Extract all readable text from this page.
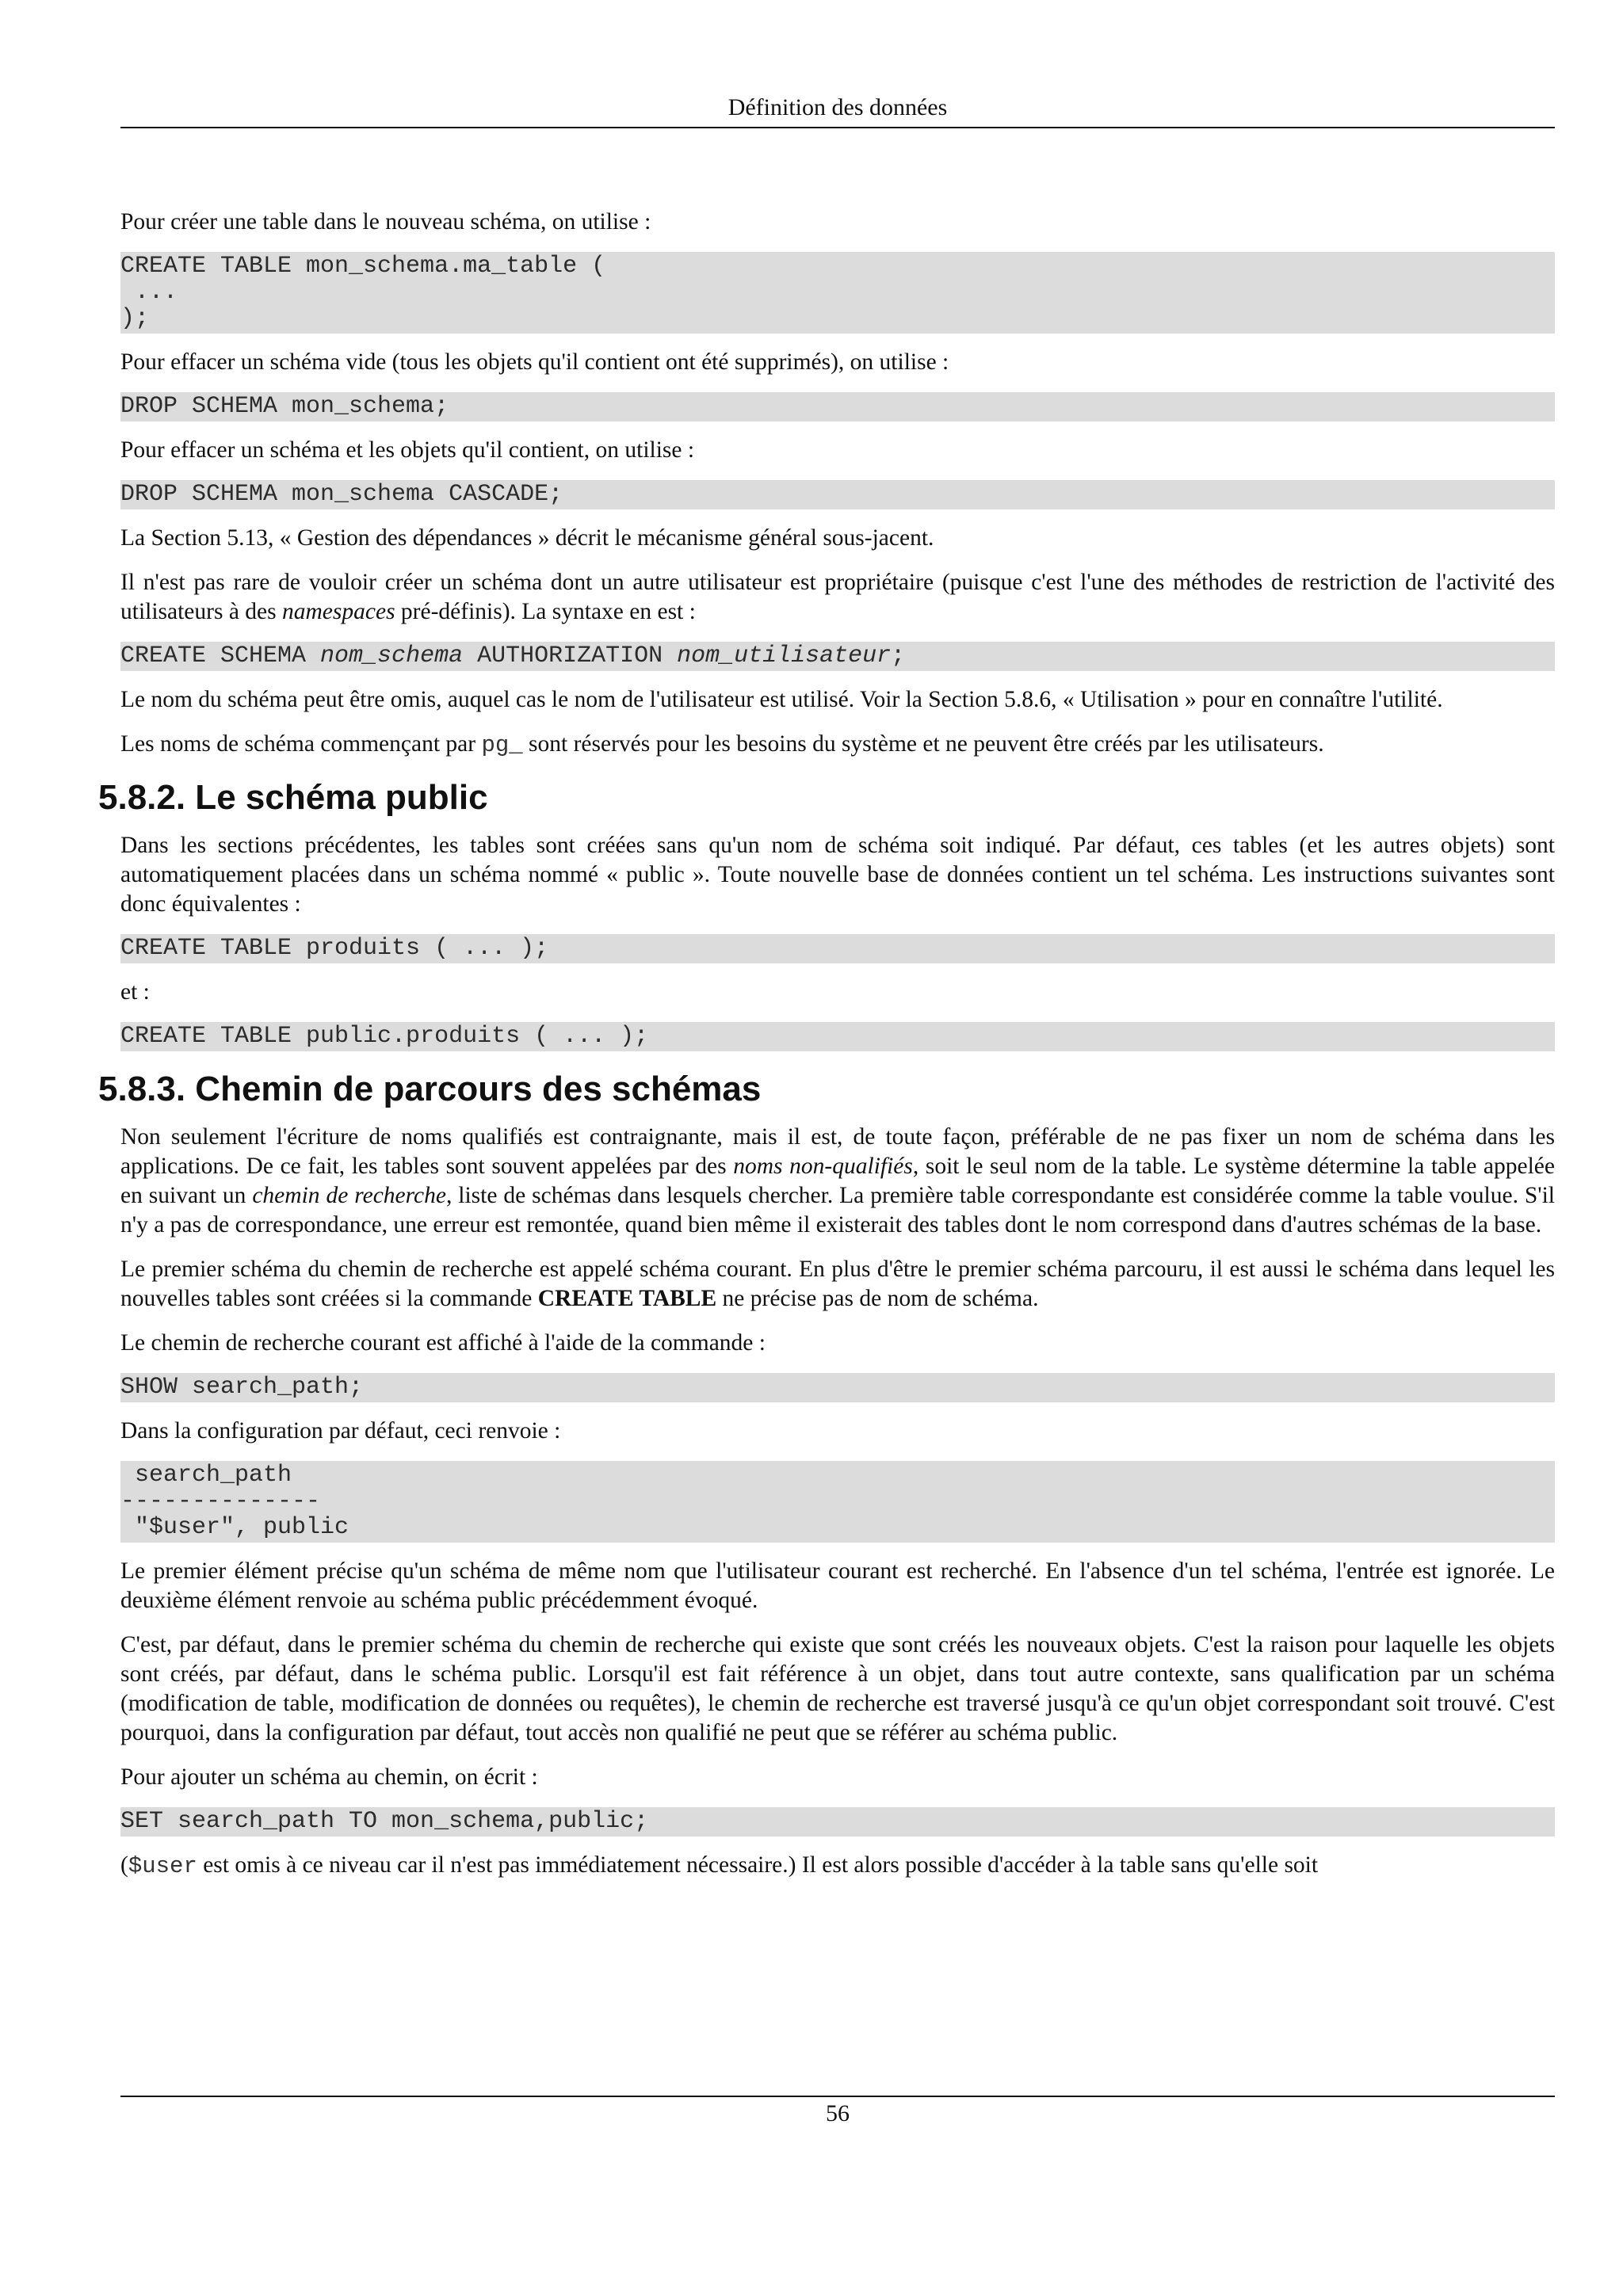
Définition des données

Pour créer une table dans le nouveau schéma, on utilise :

CREATE TABLE mon_schema.ma_table (
...
);

Pour effacer un schéma vide (tous les objets qu'il contient ont été supprimés), on utilise :

DROP SCHEMA mon_schema;

Pour effacer un schéma et les objets qu'il contient, on utilise :

DROP SCHEMA mon_schema CASCADE;

La Section 5.13, « Gestion des dépendances » décrit le mécanisme général sous-jacent.

Il n'est pas rare de vouloir créer un schéma dont un autre utilisateur est propriétaire (puisque c'est l'une des méthodes de restriction de l'activité des utilisateurs à des namespaces pré-définis). La syntaxe en est :

CREATE SCHEMA nom_schema AUTHORIZATION nom_utilisateur;

Le nom du schéma peut être omis, auquel cas le nom de l'utilisateur est utilisé. Voir la Section 5.8.6, « Utilisation » pour en connaître l'utilité.

Les noms de schéma commençant par pg_ sont réservés pour les besoins du système et ne peuvent être créés par les utilisateurs.

5.8.2. Le schéma public

Dans les sections précédentes, les tables sont créées sans qu'un nom de schéma soit indiqué. Par défaut, ces tables (et les autres objets) sont automatiquement placées dans un schéma nommé « public ». Toute nouvelle base de données contient un tel schéma. Les instructions suivantes sont donc équivalentes :

CREATE TABLE produits ( ... );

et :

CREATE TABLE public.produits ( ... );
5.8.3. Chemin de parcours des schémas

Non seulement l'écriture de noms qualifiés est contraignante, mais il est, de toute façon, préférable de ne pas fixer un nom de schéma dans les applications. De ce fait, les tables sont souvent appelées par des noms non-qualifiés, soit le seul nom de la table. Le système détermine la table appelée en suivant un chemin de recherche, liste de schémas dans lesquels chercher. La première table correspondante est considérée comme la table voulue. S'il n'y a pas de correspondance, une erreur est remontée, quand bien même il existerait des tables dont le nom correspond dans d'autres schémas de la base.

Le premier schéma du chemin de recherche est appelé schéma courant. En plus d'être le premier schéma parcouru, il est aussi le schéma dans lequel les nouvelles tables sont créées si la commande CREATE TABLE ne précise pas de nom de schéma.

Le chemin de recherche courant est affiché à l'aide de la commande :

SHOW search_path;

Dans la configuration par défaut, ceci renvoie :

search_path
--------------
"$user", public

Le premier élément précise qu'un schéma de même nom que l'utilisateur courant est recherché. En l'absence d'un tel schéma, l'entrée est ignorée. Le deuxième élément renvoie au schéma public précédemment évoqué.

C'est, par défaut, dans le premier schéma du chemin de recherche qui existe que sont créés les nouveaux objets. C'est la raison pour laquelle les objets sont créés, par défaut, dans le schéma public. Lorsqu'il est fait référence à un objet, dans tout autre contexte, sans qualification par un schéma (modification de table, modification de données ou requêtes), le chemin de recherche est traversé jusqu'à ce qu'un objet correspondant soit trouvé. C'est pourquoi, dans la configuration par défaut, tout accès non qualifié ne peut que se référer au schéma public.

Pour ajouter un schéma au chemin, on écrit :

SET search_path TO mon_schema,public;

($user est omis à ce niveau car il n'est pas immédiatement nécessaire.) Il est alors possible d'accéder à la table sans qu'elle soit

56
